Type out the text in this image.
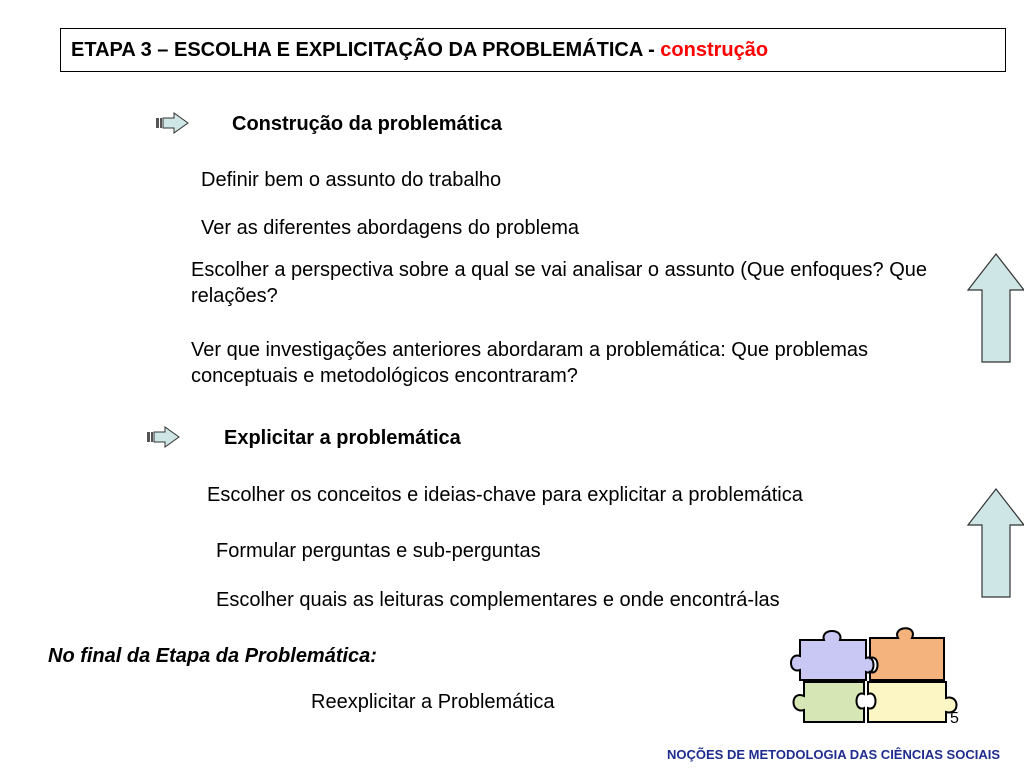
ETAPA 3 – ESCOLHA E EXPLICITAÇÃO DA PROBLEMÁTICA - construção
Construção da problemática
Definir bem o assunto do trabalho
Ver as diferentes abordagens do problema
Escolher a perspectiva sobre a qual se vai analisar o assunto (Que enfoques? Que relações?
Ver que investigações anteriores abordaram a problemática: Que problemas conceptuais e metodológicos encontraram?
Explicitar a problemática
Escolher os conceitos e ideias-chave para explicitar a problemática
Formular perguntas e sub-perguntas
Escolher quais as leituras complementares e onde encontrá-las
No final da Etapa da Problemática:
Reexplicitar a Problemática
5
NOÇÕES DE METODOLOGIA DAS CIÊNCIAS SOCIAIS
